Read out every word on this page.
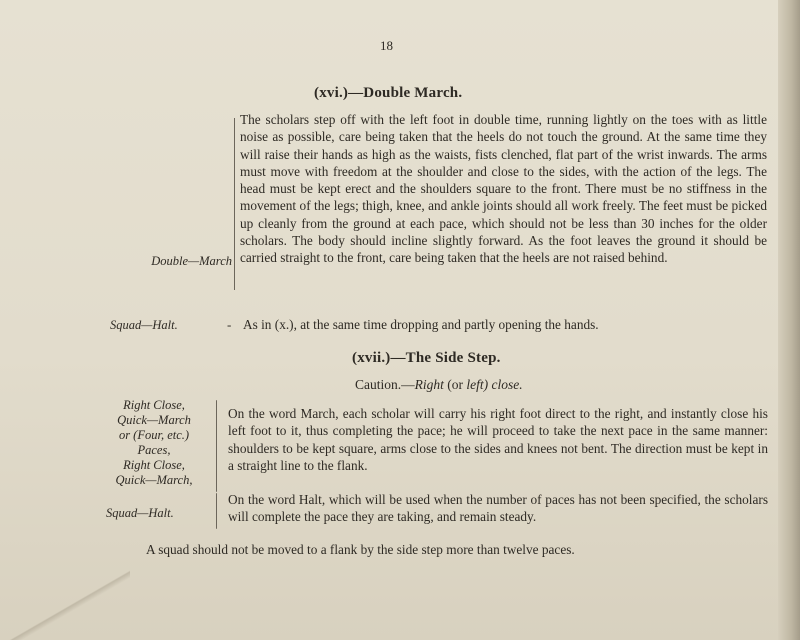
18
(xvi.)—Double March.
Double—March

The scholars step off with the left foot in double time, running lightly on the toes with as little noise as possible, care being taken that the heels do not touch the ground. At the same time they will raise their hands as high as the waists, fists clenched, flat part of the wrist inwards. The arms must move with freedom at the shoulder and close to the sides, with the action of the legs. The head must be kept erect and the shoulders square to the front. There must be no stiffness in the movement of the legs; thigh, knee, and ankle joints should all work freely. The feet must be picked up cleanly from the ground at each pace, which should not be less than 30 inches for the older scholars. The body should incline slightly forward. As the foot leaves the ground it should be carried straight to the front, care being taken that the heels are not raised behind.

Squad—Halt.	- As in (x.), at the same time dropping and partly opening the hands.

(xvii.)—The Side Step.
Caution.—Right (or left) close.
Right Close,
Quick—March
or (Four, etc.)
Paces,
Right Close,
Quick—March,

On the word March, each scholar will carry his right foot direct to the right, and instantly close his left foot to it, thus completing the pace; he will proceed to take the next pace in the same manner: shoulders to be kept square, arms close to the sides and knees not bent. The direction must be kept in a straight line to the flank.

Squad—Halt.

On the word Halt, which will be used when the number of paces has not been specified, the scholars will complete the pace they are taking, and remain steady.

A squad should not be moved to a flank by the side step more than twelve paces.
